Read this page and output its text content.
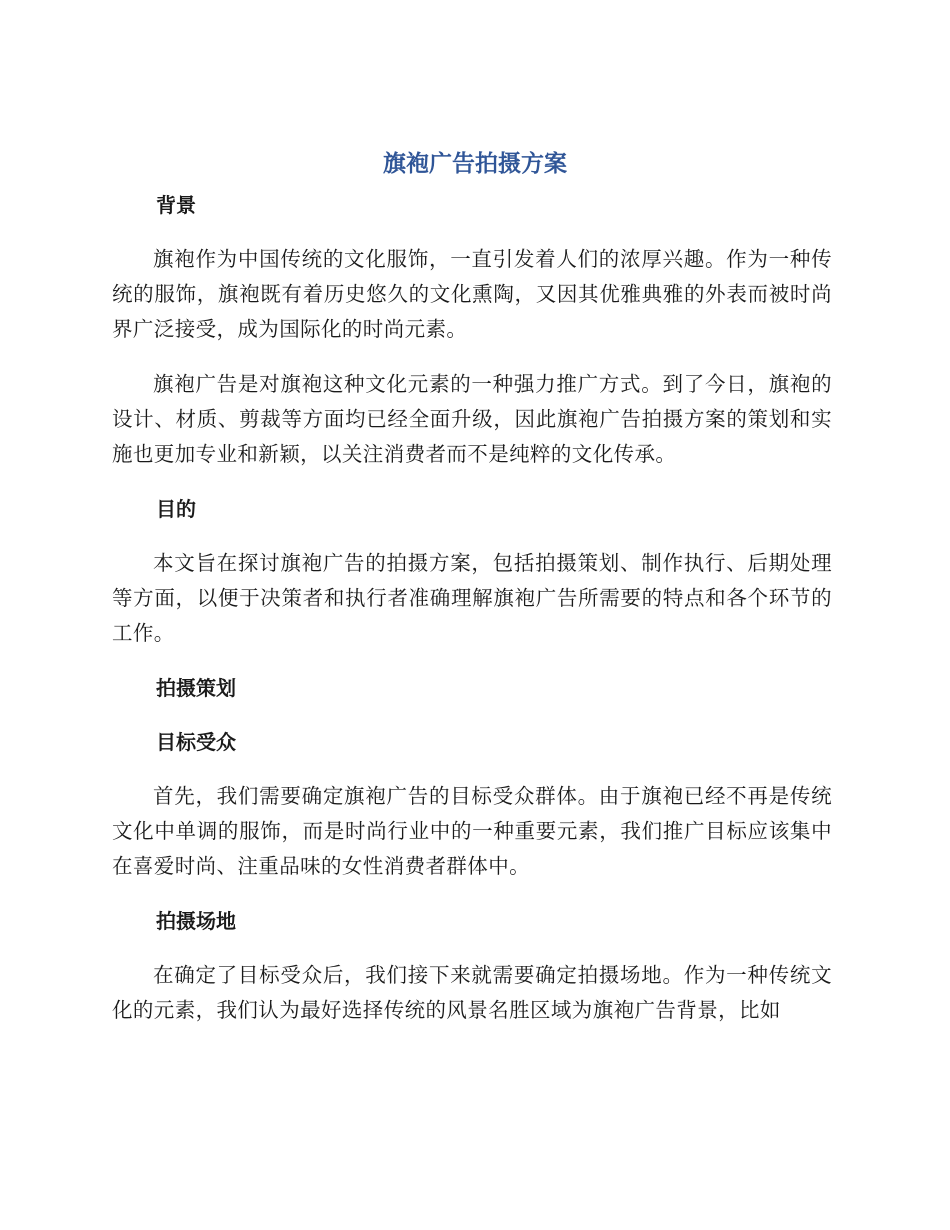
旗袍广告拍摄方案
背景

旗袍作为中国传统的文化服饰，一直引发着人们的浓厚兴趣。作为一种传统的服饰，旗袍既有着历史悠久的文化熏陶，又因其优雅典雅的外表而被时尚界广泛接受，成为国际化的时尚元素。

旗袍广告是对旗袍这种文化元素的一种强力推广方式。到了今日，旗袍的设计、材质、剪裁等方面均已经全面升级，因此旗袍广告拍摄方案的策划和实施也更加专业和新颖，以关注消费者而不是纯粹的文化传承。

目的

本文旨在探讨旗袍广告的拍摄方案，包括拍摄策划、制作执行、后期处理等方面，以便于决策者和执行者准确理解旗袍广告所需要的特点和各个环节的工作。

拍摄策划
目标受众

首先，我们需要确定旗袍广告的目标受众群体。由于旗袍已经不再是传统文化中单调的服饰，而是时尚行业中的一种重要元素，我们推广目标应该集中在喜爱时尚、注重品味的女性消费者群体中。

拍摄场地

在确定了目标受众后，我们接下来就需要确定拍摄场地。作为一种传统文化的元素，我们认为最好选择传统的风景名胜区域为旗袍广告背景，比如
